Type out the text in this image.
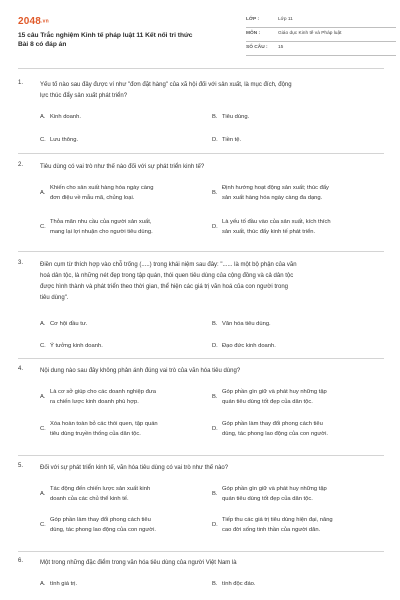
2048.vn
15 câu Trắc nghiệm Kinh tế pháp luật 11 Kết nối tri thức
Bài 8 có đáp án
LỚP :	Lớp 11
MÔN :	Giáo dục Kinh tế và Pháp luật
SỐ CÂU : 15
1.	Yếu tố nào sau đây được ví như "đơn đặt hàng" của xã hội đối với sản xuất, là mục đích, động
lực thúc đẩy sản xuất phát triển?
A. Kinh doanh.	B. Tiêu dùng.
C. Lưu thông.	D. Tiền tệ.
2.	Tiêu dùng có vai trò như thế nào đối với sự phát triển kinh tế?
A.
Khiến cho sản xuất hàng hóa ngày càng
đơn điệu về mẫu mã, chủng loại.
B.
Định hướng hoạt động sản xuất; thúc đẩy
sản xuất hàng hóa ngày càng đa dạng.
C.
Thỏa mãn nhu cầu của người sản xuất,
mang lại lợi nhuận cho người tiêu dùng.
D.
Là yếu tố đầu vào của sản xuất, kích thích
sản xuất, thúc đẩy kinh tế phát triển.
3.	Điền cụm từ thích hợp vào chỗ trống (.....) trong khái niệm sau đây: "...... là một bộ phận của văn
hoá dân tộc, là những nét đẹp trong tập quán, thói quen tiêu dùng của cộng đồng và cả dân tộc
được hình thành và phát triển theo thời gian, thể hiện các giá trị văn hoá của con người trong
tiêu dùng".
A. Cơ hội đầu tư.	B. Văn hóa tiêu dùng.
C. Ý tưởng kinh doanh.	D. Đạo đức kinh doanh.
4.	Nội dung nào sau đây không phản ánh đúng vai trò của văn hóa tiêu dùng?
A.
Là cơ sở giúp cho các doanh nghiệp đưa
ra chiến lược kinh doanh phù hợp.
B.
Góp phần gìn giữ và phát huy những tập
quán tiêu dùng tốt đẹp của dân tộc.
C.
Xóa hoàn toàn bỏ các thói quen, tập quán
tiêu dùng truyền thống của dân tộc.
D.
Góp phần làm thay đổi phong cách tiêu
dùng, tác phong lao động của con người.
5.	Đối với sự phát triển kinh tế, văn hóa tiêu dùng có vai trò như thế nào?
A.
Tác động đến chiến lược sản xuất kinh
doanh của các chủ thể kinh tế.
B.
Góp phần gìn giữ và phát huy những tập
quán tiêu dùng tốt đẹp của dân tộc.
C.
Góp phần làm thay đổi phong cách tiêu
dùng, tác phong lao động của con người.
D.
Tiếp thu các giá trị tiêu dùng hiện đại, nâng
cao đời sống tinh thần của người dân.
6.	Một trong những đặc điểm trong văn hóa tiêu dùng của người Việt Nam là
A. tính giá trị.	B. tính độc đáo.
